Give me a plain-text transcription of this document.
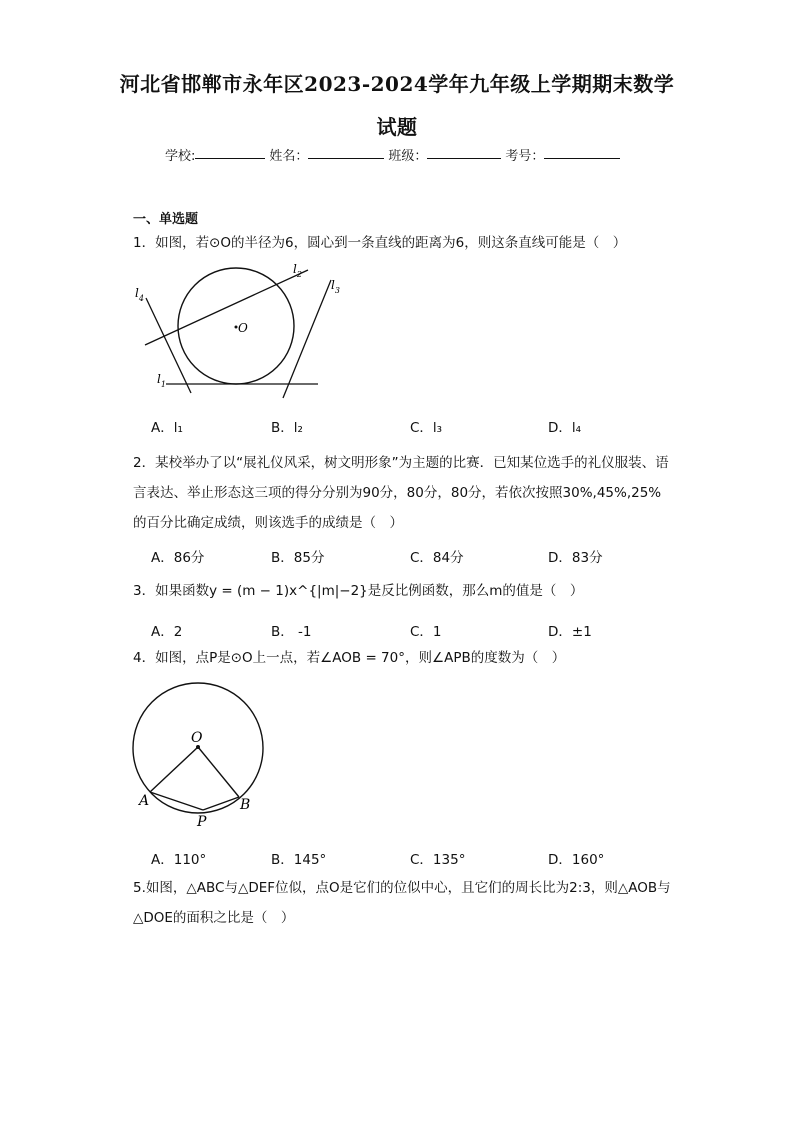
河北省邯郸市永年区2023-2024学年九年级上学期期末数学
试题
学校:	姓名：	班级：	考号：
一、单选题
1．如图，若⊙O的半径为6，圆心到一条直线的距离为6，则这条直线可能是（　）
O
$l_1$
$l_2$
$l_3$
$l_4$
A．l₁	B．l₂	C．l₃	D．l₄
2．某校举办了以“展礼仪风采，树文明形象”为主题的比赛．已知某位选手的礼仪服装、语言表达、举止形态这三项的得分分别为90分，80分，80分，若依次按照30%,45%,25%的百分比确定成绩，则该选手的成绩是（　）
A．86分	B．85分	C．84分	D．83分
3．如果函数y = (m − 1)x^{|m|−2}是反比例函数，那么m的值是（　）
A．2	B． -1	C．1	D．±1
4．如图，点P是⊙O上一点，若∠AOB = 70°，则∠APB的度数为（　）
O
A	B
P
A．110°	B．145°	C．135°	D．160°
5.如图，△ABC与△DEF位似，点O是它们的位似中心，且它们的周长比为2:3，则△AOB与△DOE的面积之比是（　）
